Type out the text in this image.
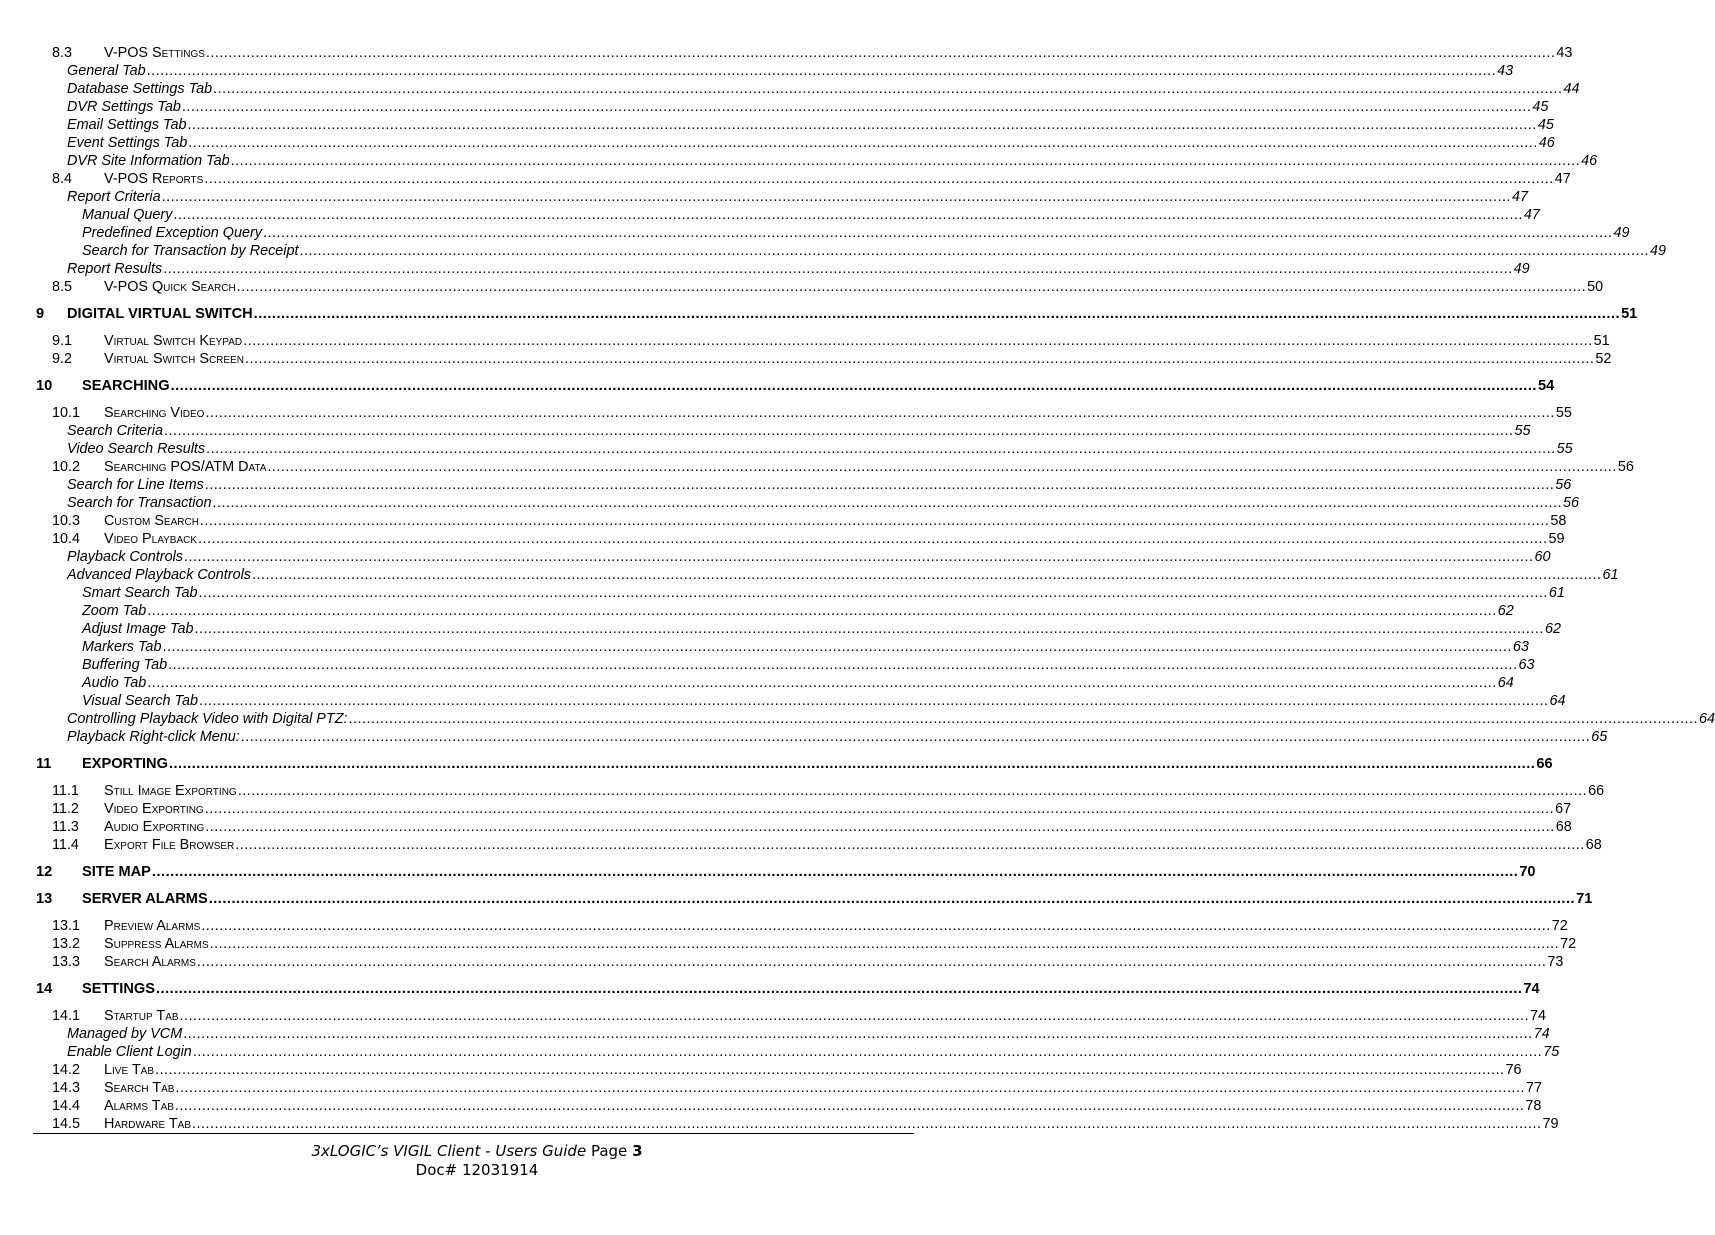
8.3 V-POS Settings ............................................................................................................................................................................................................................................................................................................ 43
General Tab ............................................................................................................................................................................................................................................................................................................ 43
Database Settings Tab ............................................................................................................................................................................................................................................................................................................ 44
DVR Settings Tab ............................................................................................................................................................................................................................................................................................................ 45
Email Settings Tab ............................................................................................................................................................................................................................................................................................................ 45
Event Settings Tab ............................................................................................................................................................................................................................................................................................................ 46
DVR Site Information Tab ............................................................................................................................................................................................................................................................................................................ 46
8.4 V-POS Reports ............................................................................................................................................................................................................................................................................................................ 47
Report Criteria ............................................................................................................................................................................................................................................................................................................ 47
Manual Query ............................................................................................................................................................................................................................................................................................................ 47
Predefined Exception Query ............................................................................................................................................................................................................................................................................................................ 49
Search for Transaction by Receipt ............................................................................................................................................................................................................................................................................................................ 49
Report Results ............................................................................................................................................................................................................................................................................................................ 49
8.5 V-POS Quick Search ............................................................................................................................................................................................................................................................................................................ 50
9 DIGITAL VIRTUAL SWITCH ............................................................................................................................................................................................................................................................................................................ 51
9.1 Virtual Switch Keypad ............................................................................................................................................................................................................................................................................................................ 51
9.2 Virtual Switch Screen ............................................................................................................................................................................................................................................................................................................ 52
10 SEARCHING ............................................................................................................................................................................................................................................................................................................ 54
10.1 Searching Video ............................................................................................................................................................................................................................................................................................................ 55
Search Criteria ............................................................................................................................................................................................................................................................................................................ 55
Video Search Results ............................................................................................................................................................................................................................................................................................................ 55
10.2 Searching POS/ATM Data ............................................................................................................................................................................................................................................................................................................ 56
Search for Line Items ............................................................................................................................................................................................................................................................................................................ 56
Search for Transaction ............................................................................................................................................................................................................................................................................................................ 56
10.3 Custom Search ............................................................................................................................................................................................................................................................................................................ 58
10.4 Video Playback ............................................................................................................................................................................................................................................................................................................ 59
Playback Controls ............................................................................................................................................................................................................................................................................................................ 60
Advanced Playback Controls ............................................................................................................................................................................................................................................................................................................ 61
Smart Search Tab ............................................................................................................................................................................................................................................................................................................ 61
Zoom Tab ............................................................................................................................................................................................................................................................................................................ 62
Adjust Image Tab ............................................................................................................................................................................................................................................................................................................ 62
Markers Tab ............................................................................................................................................................................................................................................................................................................ 63
Buffering Tab ............................................................................................................................................................................................................................................................................................................ 63
Audio Tab ............................................................................................................................................................................................................................................................................................................ 64
Visual Search Tab ............................................................................................................................................................................................................................................................................................................ 64
Controlling Playback Video with Digital PTZ: ............................................................................................................................................................................................................................................................................................................ 64
Playback Right-click Menu: ............................................................................................................................................................................................................................................................................................................ 65
11 EXPORTING ............................................................................................................................................................................................................................................................................................................ 66
11.1 Still Image Exporting ............................................................................................................................................................................................................................................................................................................ 66
11.2 Video Exporting ............................................................................................................................................................................................................................................................................................................ 67
11.3 Audio Exporting ............................................................................................................................................................................................................................................................................................................ 68
11.4 Export File Browser ............................................................................................................................................................................................................................................................................................................ 68
12 SITE MAP ............................................................................................................................................................................................................................................................................................................ 70
13 SERVER ALARMS ............................................................................................................................................................................................................................................................................................................ 71
13.1 Preview Alarms ............................................................................................................................................................................................................................................................................................................ 72
13.2 Suppress Alarms ............................................................................................................................................................................................................................................................................................................ 72
13.3 Search Alarms ............................................................................................................................................................................................................................................................................................................ 73
14 SETTINGS ............................................................................................................................................................................................................................................................................................................ 74
14.1 Startup Tab ............................................................................................................................................................................................................................................................................................................ 74
Managed by VCM ............................................................................................................................................................................................................................................................................................................ 74
Enable Client Login ............................................................................................................................................................................................................................................................................................................ 75
14.2 Live Tab ............................................................................................................................................................................................................................................................................................................ 76
14.3 Search Tab ............................................................................................................................................................................................................................................................................................................ 77
14.4 Alarms Tab ............................................................................................................................................................................................................................................................................................................ 78
14.5 Hardware Tab ............................................................................................................................................................................................................................................................................................................ 79
3xLOGIC’s VIGIL Client - Users Guide Page 3
Doc# 12031914
